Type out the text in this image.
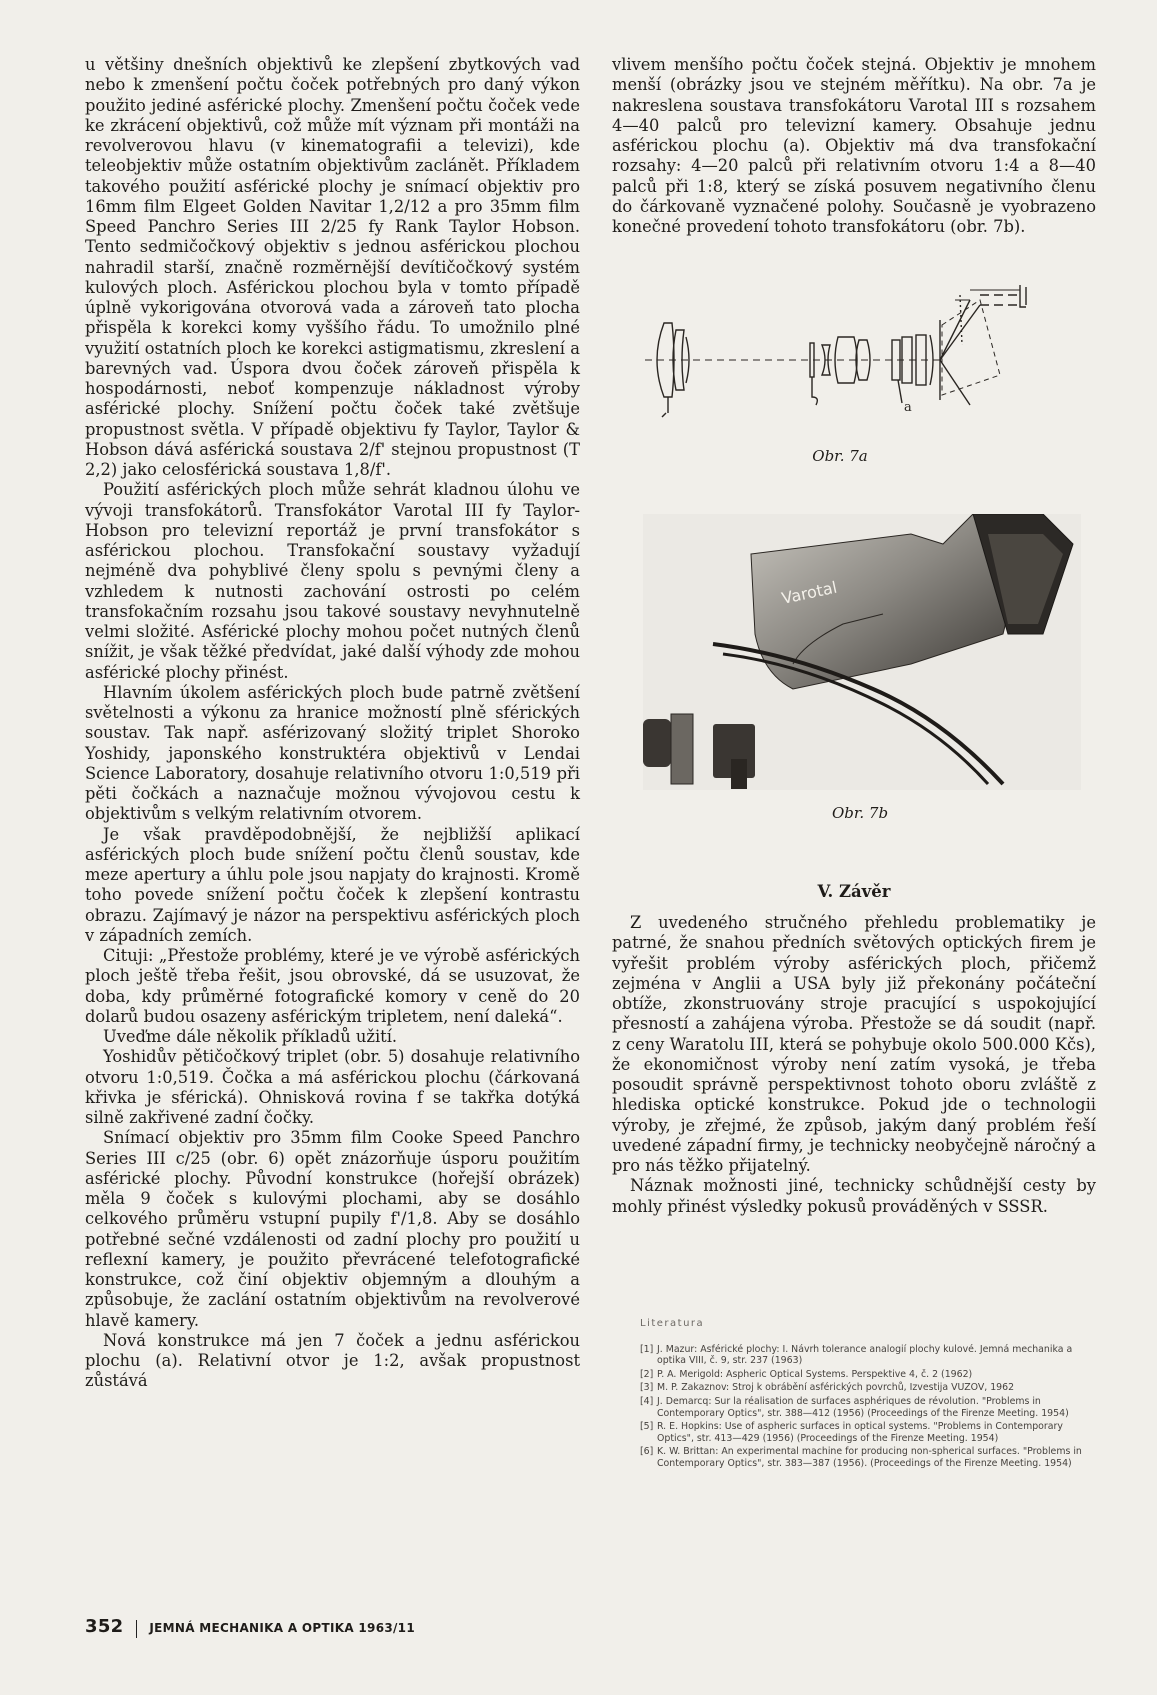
u většiny dnešních objektivů ke zlepšení zbytkových vad nebo k zmenšení počtu čoček potřebných pro daný výkon použito jediné asférické plochy. Zmenšení počtu čoček vede ke zkrácení objektivů, což může mít význam při montáži na revolverovou hlavu (v kinematografii a televizi), kde teleobjektiv může ostatním objektivům zaclánět. Příkladem takového použití asférické plochy je snímací objektiv pro 16mm film Elgeet Golden Navitar 1,2/12 a pro 35mm film Speed Panchro Series III 2/25 fy Rank Taylor Hobson. Tento sedmičočkový objektiv s jednou asférickou plochou nahradil starší, značně rozměrnější devítičočkový systém kulových ploch. Asférickou plochou byla v tomto případě úplně vykorigována otvorová vada a zároveň tato plocha přispěla k korekci komy vyššího řádu. To umožnilo plné využití ostatních ploch ke korekci astigmatismu, zkreslení a barevných vad. Úspora dvou čoček zároveň přispěla k hospodárnosti, neboť kompenzuje nákladnost výroby asférické plochy. Snížení počtu čoček také zvětšuje propustnost světla. V případě objektivu fy Taylor, Taylor & Hobson dává asférická soustava 2/f' stejnou propustnost (T 2,2) jako celosférická soustava 1,8/f'.

Použití asférických ploch může sehrát kladnou úlohu ve vývoji transfokátorů. Transfokátor Varotal III fy Taylor-Hobson pro televizní reportáž je první transfokátor s asférickou plochou. Transfokační soustavy vyžadují nejméně dva pohyblivé členy spolu s pevnými členy a vzhledem k nutnosti zachování ostrosti po celém transfokačním rozsahu jsou takové soustavy nevyhnutelně velmi složité. Asférické plochy mohou počet nutných členů snížit, je však těžké předvídat, jaké další výhody zde mohou asférické plochy přinést.

Hlavním úkolem asférických ploch bude patrně zvětšení světelnosti a výkonu za hranice možností plně sférických soustav. Tak např. asférizovaný složitý triplet Shoroko Yoshidy, japonského konstruktéra objektivů v Lendai Science Laboratory, dosahuje relativního otvoru 1:0,519 při pěti čočkách a naznačuje možnou vývojovou cestu k objektivům s velkým relativním otvorem.

Je však pravděpodobnější, že nejbližší aplikací asférických ploch bude snížení počtu členů soustav, kde meze apertury a úhlu pole jsou napjaty do krajnosti. Kromě toho povede snížení počtu čoček k zlepšení kontrastu obrazu. Zajímavý je názor na perspektivu asférických ploch v západních zemích.

Cituji: „Přestože problémy, které je ve výrobě asférických ploch ještě třeba řešit, jsou obrovské, dá se usuzovat, že doba, kdy průměrné fotografické komory v ceně do 20 dolarů budou osazeny asférickým tripletem, není daleká“.

Uveďme dále několik příkladů užití.

Yoshidův pětičočkový triplet (obr. 5) dosahuje relativního otvoru 1:0,519. Čočka a má asférickou plochu (čárkovaná křivka je sférická). Ohnisková rovina f se takřka dotýká silně zakřivené zadní čočky.

Snímací objektiv pro 35mm film Cooke Speed Panchro Series III c/25 (obr. 6) opět znázorňuje úsporu použitím asférické plochy. Původní konstrukce (hořejší obrázek) měla 9 čoček s kulovými plochami, aby se dosáhlo celkového průměru vstupní pupily f'/1,8. Aby se dosáhlo potřebné sečné vzdálenosti od zadní plochy pro použití u reflexní kamery, je použito převrácené telefotografické konstrukce, což činí objektiv objemným a dlouhým a způsobuje, že zaclání ostatním objektivům na revolverové hlavě kamery.

Nová konstrukce má jen 7 čoček a jednu asférickou plochu (a). Relativní otvor je 1:2, avšak propustnost zůstává

vlivem menšího počtu čoček stejná. Objektiv je mnohem menší (obrázky jsou ve stejném měřítku). Na obr. 7a je nakreslena soustava transfokátoru Varotal III s rozsahem 4—40 palců pro televizní kamery. Obsahuje jednu asférickou plochu (a). Objektiv má dva transfokační rozsahy: 4—20 palců při relativním otvoru 1:4 a 8—40 palců při 1:8, který se získá posuvem negativního členu do čárkovaně vyznačené polohy. Současně je vyobrazeno konečné provedení tohoto transfokátoru (obr. 7b).

a
Obr. 7a
Varotal
Obr. 7b
V. Závěr

Z uvedeného stručného přehledu problematiky je patrné, že snahou předních světových optických firem je vyřešit problém výroby asférických ploch, přičemž zejména v Anglii a USA byly již překonány počáteční obtíže, zkonstruovány stroje pracující s uspokojující přesností a zahájena výroba. Přestože se dá soudit (např. z ceny Waratolu III, která se pohybuje okolo 500.000 Kčs), že ekonomičnost výroby není zatím vysoká, je třeba posoudit správně perspektivnost tohoto oboru zvláště z hlediska optické konstrukce. Pokud jde o technologii výroby, je zřejmé, že způsob, jakým daný problém řeší uvedené západní firmy, je technicky neobyčejně náročný a pro nás těžko přijatelný.

Náznak možnosti jiné, technicky schůdnější cesty by mohly přinést výsledky pokusů prováděných v SSSR.

Literatura
[1] J. Mazur: Asférické plochy: I. Návrh tolerance analogií plochy kulové. Jemná mechanika a optika VIII, č. 9, str. 237 (1963)
[2] P. A. Merigold: Aspheric Optical Systems. Perspektive 4, č. 2 (1962)
[3] M. P. Zakaznov: Stroj k obrábění asférických povrchů, Izvestija VUZOV, 1962
[4] J. Demarcq: Sur la réalisation de surfaces asphériques de révolution. "Problems in Contemporary Optics", str. 388—412 (1956) (Proceedings of the Firenze Meeting. 1954)
[5] R. E. Hopkins: Use of aspheric surfaces in optical systems. "Problems in Contemporary Optics", str. 413—429 (1956) (Proceedings of the Firenze Meeting. 1954)
[6] K. W. Brittan: An experimental machine for producing non-spherical surfaces. "Problems in Contemporary Optics", str. 383—387 (1956). (Proceedings of the Firenze Meeting. 1954)
352 JEMNÁ MECHANIKA A OPTIKA 1963/11
